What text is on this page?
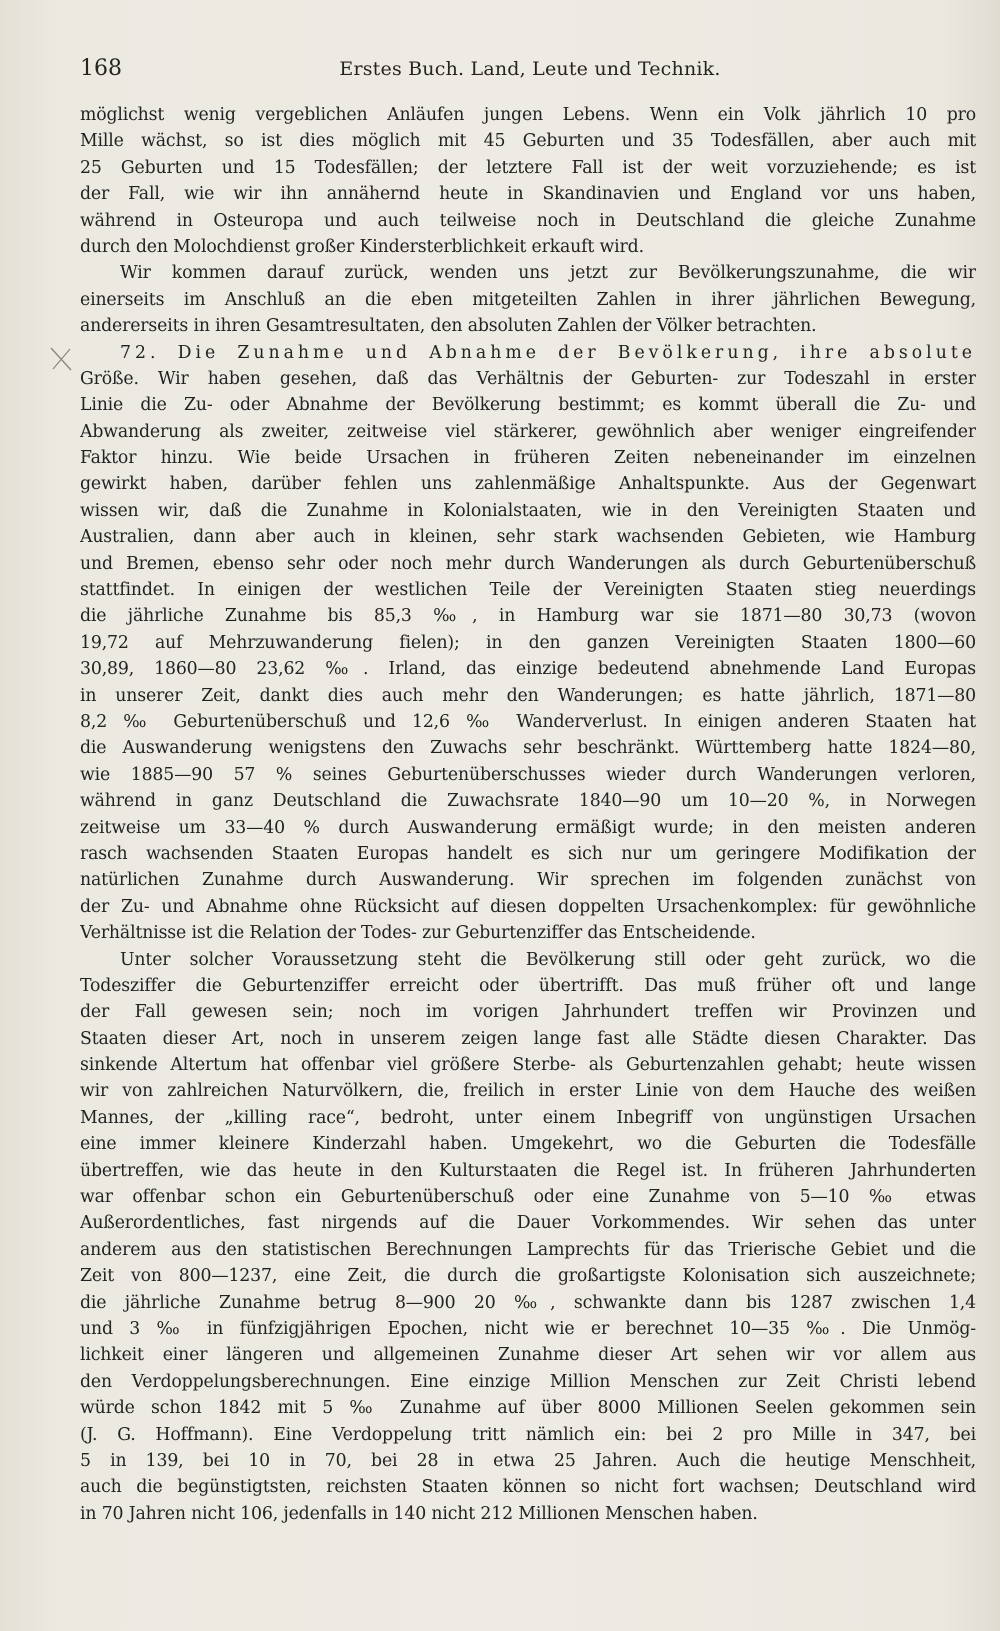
168	Erstes Buch. Land, Leute und Technik.
möglichst wenig vergeblichen Anläufen jungen Lebens. Wenn ein Volk jährlich 10 pro
Mille wächst, so ist dies möglich mit 45 Geburten und 35 Todesfällen, aber auch mit
25 Geburten und 15 Todesfällen; der letztere Fall ist der weit vorzuziehende; es ist
der Fall, wie wir ihn annähernd heute in Skandinavien und England vor uns haben,
während in Osteuropa und auch teilweise noch in Deutschland die gleiche Zunahme
durch den Molochdienst großer Kindersterblichkeit erkauft wird.
Wir kommen darauf zurück, wenden uns jetzt zur Bevölkerungszunahme, die wir
einerseits im Anschluß an die eben mitgeteilten Zahlen in ihrer jährlichen Bewegung,
andererseits in ihren Gesamtresultaten, den absoluten Zahlen der Völker betrachten.
72. Die Zunahme und Abnahme der Bevölkerung, ihre absolute
Größe. Wir haben gesehen, daß das Verhältnis der Geburten- zur Todeszahl in erster
Linie die Zu- oder Abnahme der Bevölkerung bestimmt; es kommt überall die Zu- und
Abwanderung als zweiter, zeitweise viel stärkerer, gewöhnlich aber weniger eingreifender
Faktor hinzu. Wie beide Ursachen in früheren Zeiten nebeneinander im einzelnen
gewirkt haben, darüber fehlen uns zahlenmäßige Anhaltspunkte. Aus der Gegenwart
wissen wir, daß die Zunahme in Kolonialstaaten, wie in den Vereinigten Staaten und
Australien, dann aber auch in kleinen, sehr stark wachsenden Gebieten, wie Hamburg
und Bremen, ebenso sehr oder noch mehr durch Wanderungen als durch Geburtenüberschuß
stattfindet. In einigen der westlichen Teile der Vereinigten Staaten stieg neuerdings
die jährliche Zunahme bis 85,3 ‰, in Hamburg war sie 1871—80 30,73 (wovon
19,72 auf Mehrzuwanderung fielen); in den ganzen Vereinigten Staaten 1800—60
30,89, 1860—80 23,62 ‰. Irland, das einzige bedeutend abnehmende Land Europas
in unserer Zeit, dankt dies auch mehr den Wanderungen; es hatte jährlich, 1871—80
8,2 ‰ Geburtenüberschuß und 12,6 ‰ Wanderverlust. In einigen anderen Staaten hat
die Auswanderung wenigstens den Zuwachs sehr beschränkt. Württemberg hatte 1824—80,
wie 1885—90 57 % seines Geburtenüberschusses wieder durch Wanderungen verloren,
während in ganz Deutschland die Zuwachsrate 1840—90 um 10—20 %, in Norwegen
zeitweise um 33—40 % durch Auswanderung ermäßigt wurde; in den meisten anderen
rasch wachsenden Staaten Europas handelt es sich nur um geringere Modifikation der
natürlichen Zunahme durch Auswanderung. Wir sprechen im folgenden zunächst von
der Zu- und Abnahme ohne Rücksicht auf diesen doppelten Ursachenkomplex: für gewöhnliche
Verhältnisse ist die Relation der Todes- zur Geburtenziffer das Entscheidende.
Unter solcher Voraussetzung steht die Bevölkerung still oder geht zurück, wo die
Todesziffer die Geburtenziffer erreicht oder übertrifft. Das muß früher oft und lange
der Fall gewesen sein; noch im vorigen Jahrhundert treffen wir Provinzen und
Staaten dieser Art, noch in unserem zeigen lange fast alle Städte diesen Charakter. Das
sinkende Altertum hat offenbar viel größere Sterbe- als Geburtenzahlen gehabt; heute wissen
wir von zahlreichen Naturvölkern, die, freilich in erster Linie von dem Hauche des weißen
Mannes, der „killing race“, bedroht, unter einem Inbegriff von ungünstigen Ursachen
eine immer kleinere Kinderzahl haben. Umgekehrt, wo die Geburten die Todesfälle
übertreffen, wie das heute in den Kulturstaaten die Regel ist. In früheren Jahrhunderten
war offenbar schon ein Geburtenüberschuß oder eine Zunahme von 5—10 ‰ etwas
Außerordentliches, fast nirgends auf die Dauer Vorkommendes. Wir sehen das unter
anderem aus den statistischen Berechnungen Lamprechts für das Trierische Gebiet und die
Zeit von 800—1237, eine Zeit, die durch die großartigste Kolonisation sich auszeichnete;
die jährliche Zunahme betrug 8—900 20 ‰, schwankte dann bis 1287 zwischen 1,4
und 3 ‰ in fünfzigjährigen Epochen, nicht wie er berechnet 10—35 ‰. Die Unmög-
lichkeit einer längeren und allgemeinen Zunahme dieser Art sehen wir vor allem aus
den Verdoppelungsberechnungen. Eine einzige Million Menschen zur Zeit Christi lebend
würde schon 1842 mit 5 ‰ Zunahme auf über 8000 Millionen Seelen gekommen sein
(J. G. Hoffmann). Eine Verdoppelung tritt nämlich ein: bei 2 pro Mille in 347, bei
5 in 139, bei 10 in 70, bei 28 in etwa 25 Jahren. Auch die heutige Menschheit,
auch die begünstigtsten, reichsten Staaten können so nicht fort wachsen; Deutschland wird
in 70 Jahren nicht 106, jedenfalls in 140 nicht 212 Millionen Menschen haben.
